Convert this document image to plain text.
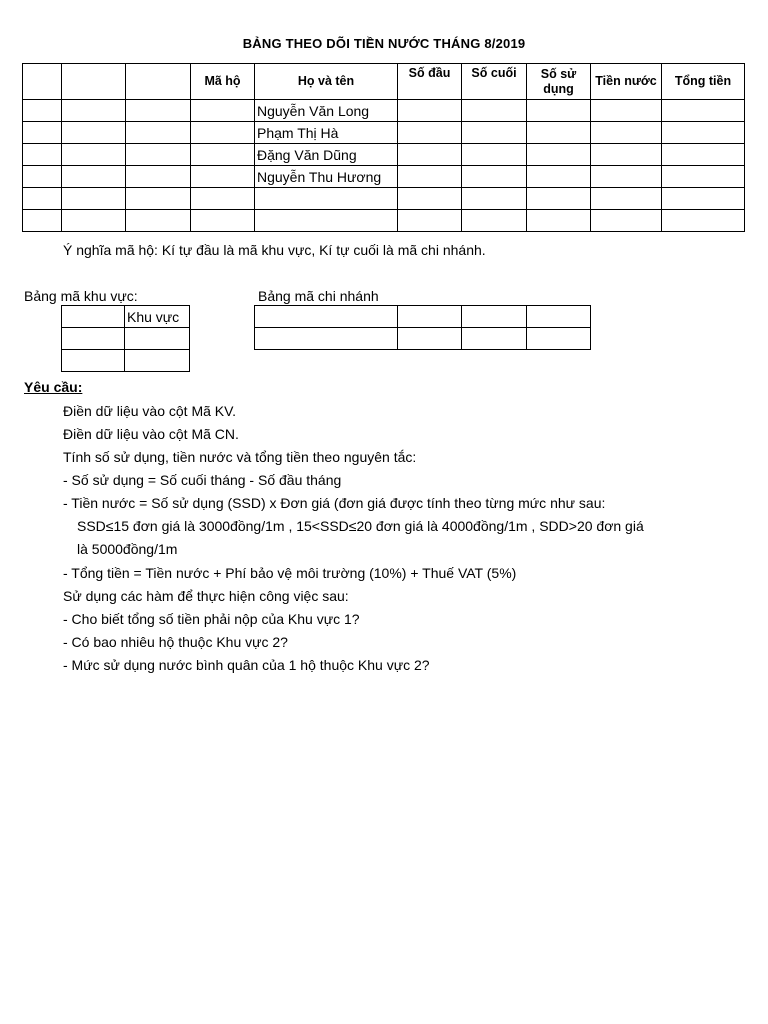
BẢNG THEO DÕI TIỀN NƯỚC THÁNG 8/2019
			Mã hộ	Họ và tên	Số đầu	Số cuối	Số sử dụng	Tiền nước	Tổng tiền
				Nguyễn Văn Long					
				Phạm Thị Hà					
				Đặng Văn Dũng					
				Nguyễn Thu Hương					

Ý nghĩa mã hộ: Kí tự đầu là mã khu vực, Kí tự cuối là mã chi nhánh.
Bảng mã khu vực:	Bảng mã chi nhánh
	Khu vực

Yêu cầu:
Điền dữ liệu vào cột Mã KV.
Điền dữ liệu vào cột Mã CN.
Tính số sử dụng, tiền nước và tổng tiền theo nguyên tắc:
- Số sử dụng = Số cuối tháng - Số đầu tháng
- Tiền nước = Số sử dụng (SSD) x Đơn giá (đơn giá được tính theo từng mức như sau:
SSD≤15 đơn giá là 3000đồng/1m , 15<SSD≤20 đơn giá là 4000đồng/1m , SDD>20 đơn giá
là 5000đồng/1m
- Tổng tiền = Tiền nước + Phí bảo vệ môi trường (10%) + Thuế VAT (5%)
Sử dụng các hàm để thực hiện công việc sau:
- Cho biết tổng số tiền phải nộp của Khu vực 1?
- Có bao nhiêu hộ thuộc Khu vực 2?
- Mức sử dụng nước bình quân của 1 hộ thuộc Khu vực 2?
